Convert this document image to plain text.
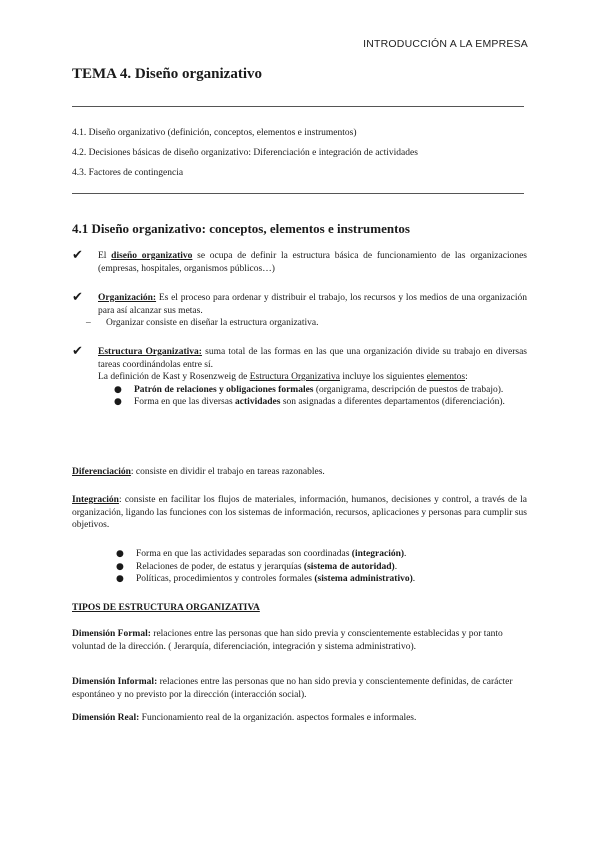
INTRODUCCIÓN A LA EMPRESA
TEMA 4. Diseño organizativo
4.1. Diseño organizativo (definición, conceptos, elementos e instrumentos)
4.2. Decisiones básicas de diseño organizativo: Diferenciación e integración de actividades
4.3. Factores de contingencia
4.1 Diseño organizativo: conceptos, elementos e instrumentos
✔ El diseño organizativo se ocupa de definir la estructura básica de funcionamiento de las organizaciones (empresas, hospitales, organismos públicos…)
✔ Organización: Es el proceso para ordenar y distribuir el trabajo, los recursos y los medios de una organización para así alcanzar sus metas.
– Organizar consiste en diseñar la estructura organizativa.
✔ Estructura Organizativa: suma total de las formas en las que una organización divide su trabajo en diversas tareas coordinándolas entre sí.
La definición de Kast y Rosenzweig de Estructura Organizativa incluye los siguientes elementos:
● Patrón de relaciones y obligaciones formales (organigrama, descripción de puestos de trabajo).
● Forma en que las diversas actividades son asignadas a diferentes departamentos (diferenciación).
Diferenciación: consiste en dividir el trabajo en tareas razonables.
Integración: consiste en facilitar los flujos de materiales, información, humanos, decisiones y control, a través de la organización, ligando las funciones con los sistemas de información, recursos, aplicaciones y personas para cumplir sus objetivos.
● Forma en que las actividades separadas son coordinadas (integración).
● Relaciones de poder, de estatus y jerarquías (sistema de autoridad).
● Políticas, procedimientos y controles formales (sistema administrativo).
TIPOS DE ESTRUCTURA ORGANIZATIVA
Dimensión Formal: relaciones entre las personas que han sido previa y conscientemente establecidas y por tanto voluntad de la dirección. ( Jerarquía, diferenciación, integración y sistema administrativo).
Dimensión Informal: relaciones entre las personas que no han sido previa y conscientemente definidas, de carácter espontáneo y no previsto por la dirección (interacción social).
Dimensión Real: Funcionamiento real de la organización. aspectos formales e informales.
